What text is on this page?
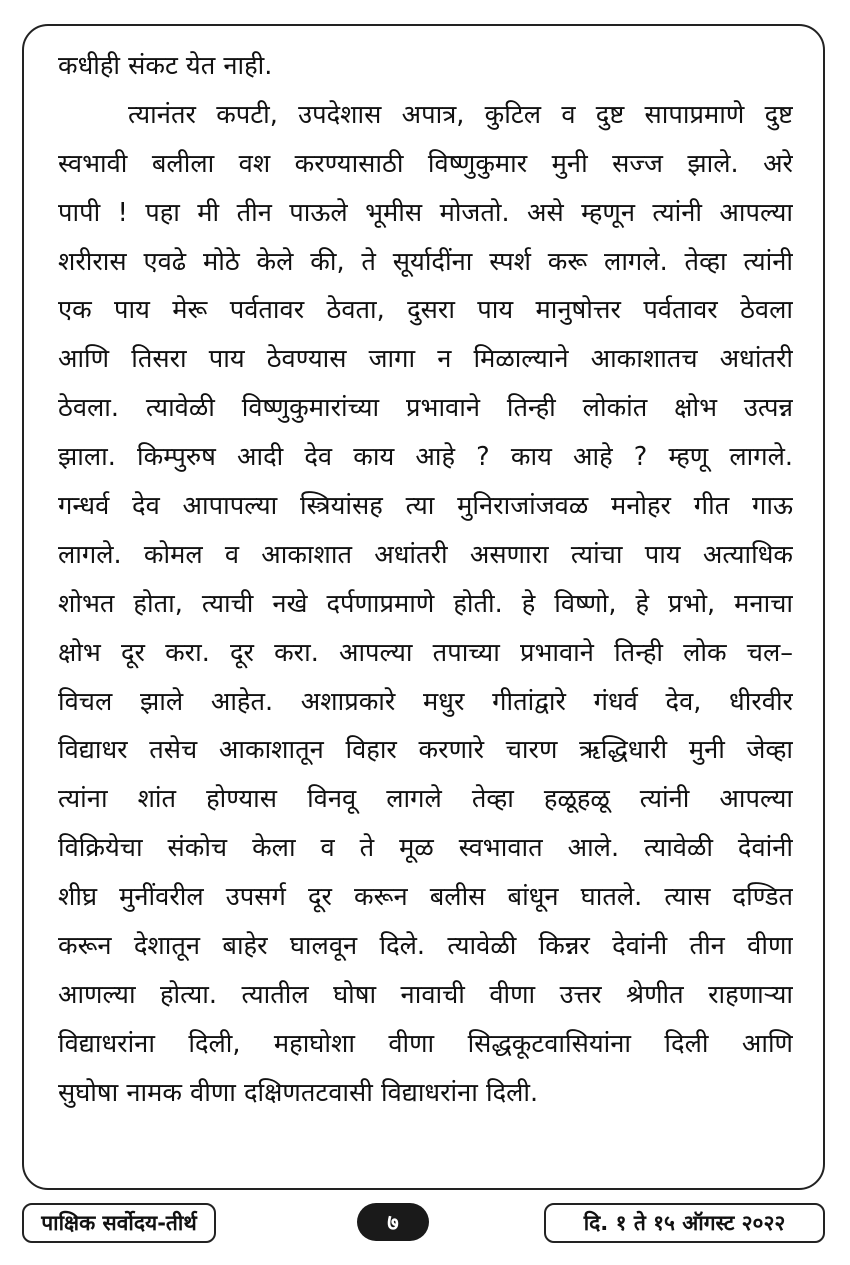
कधीही संकट येत नाही.
त्यानंतर कपटी, उपदेशास अपात्र, कुटिल व दुष्ट सापाप्रमाणे दुष्ट
स्वभावी बलीला वश करण्यासाठी विष्णुकुमार मुनी सज्ज झाले. अरे
पापी ! पहा मी तीन पाऊले भूमीस मोजतो. असे म्हणून त्यांनी आपल्या
शरीरास एवढे मोठे केले की, ते सूर्यादींना स्पर्श करू लागले. तेव्हा त्यांनी
एक पाय मेरू पर्वतावर ठेवता, दुसरा पाय मानुषोत्तर पर्वतावर ठेवला
आणि तिसरा पाय ठेवण्यास जागा न मिळाल्याने आकाशातच अधांतरी
ठेवला. त्यावेळी विष्णुकुमारांच्या प्रभावाने तिन्ही लोकांत क्षोभ उत्पन्न
झाला. किम्पुरुष आदी देव काय आहे ? काय आहे ? म्हणू लागले.
गन्धर्व देव आपापल्या स्त्रियांसह त्या मुनिराजांजवळ मनोहर गीत गाऊ
लागले. कोमल व आकाशात अधांतरी असणारा त्यांचा पाय अत्याधिक
शोभत होता, त्याची नखे दर्पणाप्रमाणे होती. हे विष्णो, हे प्रभो, मनाचा
क्षोभ दूर करा. दूर करा. आपल्या तपाच्या प्रभावाने तिन्ही लोक चल–
विचल झाले आहेत. अशाप्रकारे मधुर गीतांद्वारे गंधर्व देव, धीरवीर
विद्याधर तसेच आकाशातून विहार करणारे चारण ऋद्धिधारी मुनी जेव्हा
त्यांना शांत होण्यास विनवू लागले तेव्हा हळूहळू त्यांनी आपल्या
विक्रियेचा संकोच केला व ते मूळ स्वभावात आले. त्यावेळी देवांनी
शीघ्र मुनींवरील उपसर्ग दूर करून बलीस बांधून घातले. त्यास दण्डित
करून देशातून बाहेर घालवून दिले. त्यावेळी किन्नर देवांनी तीन वीणा
आणल्या होत्या. त्यातील घोषा नावाची वीणा उत्तर श्रेणीत राहणाऱ्या
विद्याधरांना दिली, महाघोशा वीणा सिद्धकूटवासियांना दिली आणि
सुघोषा नामक वीणा दक्षिणतटवासी विद्याधरांना दिली.
पाक्षिक सर्वोदय-तीर्थ	७	दि. १ ते १५ ऑगस्ट २०२२
